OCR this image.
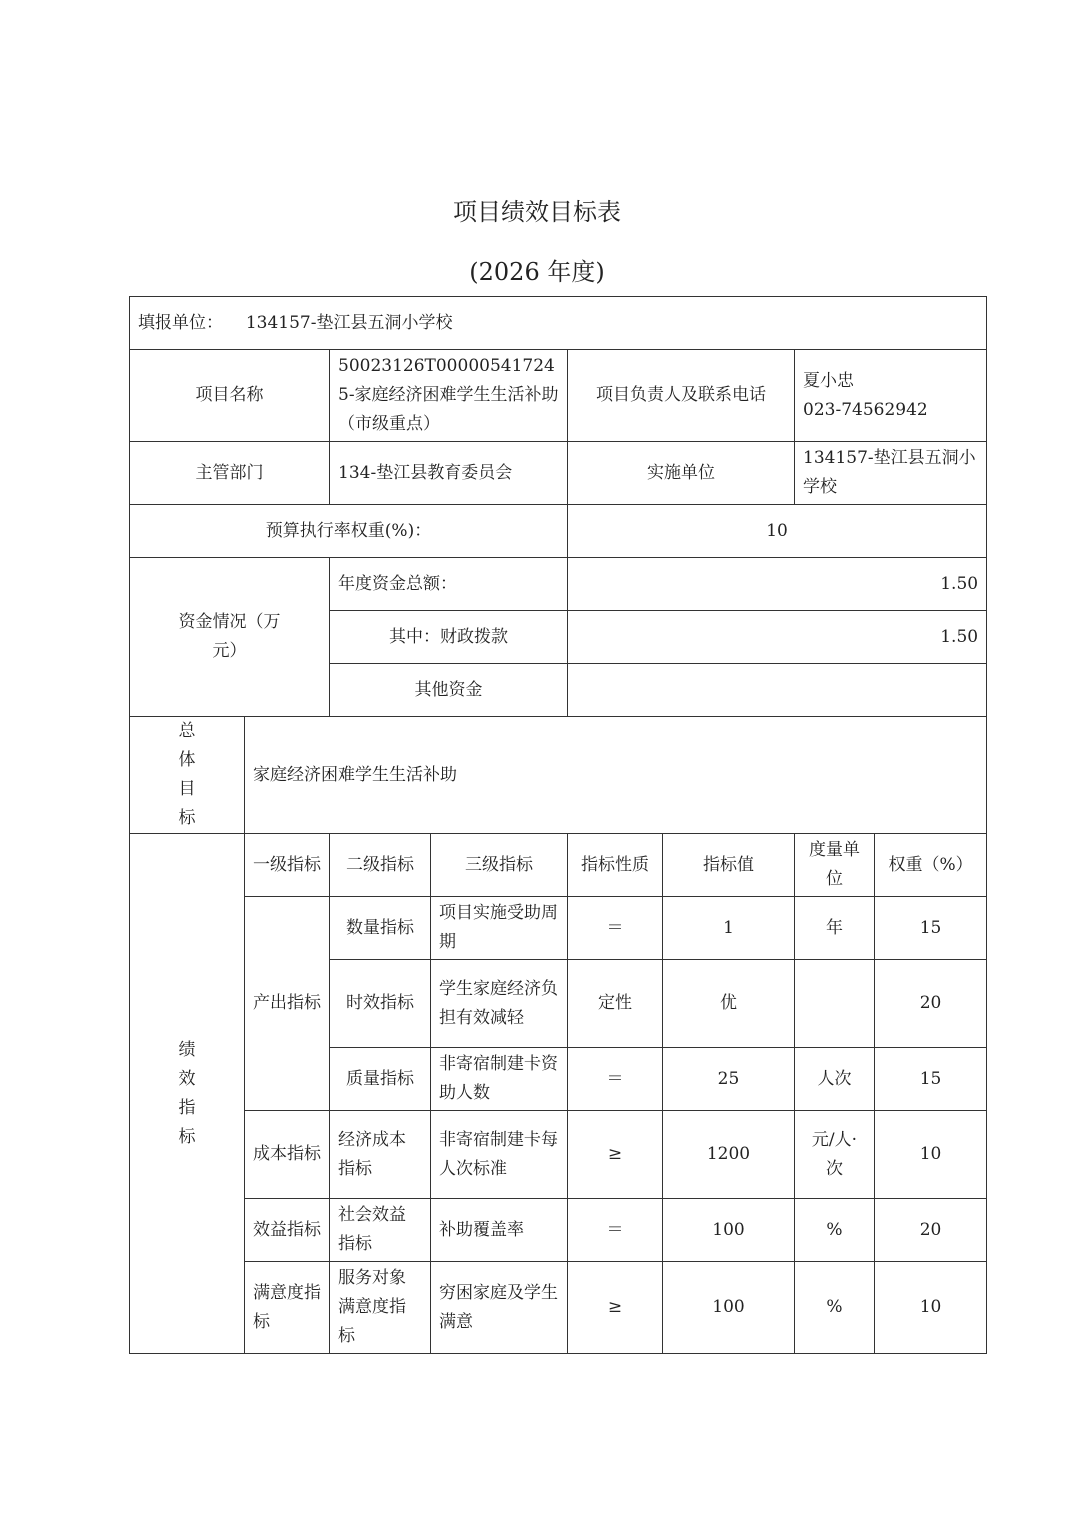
项目绩效目标表
(2026 年度)
填报单位： 134157-垫江县五洞小学校							
项目名称		50023126T000005417245-家庭经济困难学生生活补助（市级重点）		项目负责人及联系电话		夏小忠
023-74562942	

主管部门		134-垫江县教育委员会		实施单位		134157-垫江县五洞小学校	
预算执行率权重(%)：				10			
资金情况（万元）		年度资金总额：		1.50			
		其中：财政拨款		1.50			
		其他资金					
总体目标	家庭经济困难学生生活补助						
绩效指标	一级指标	二级指标	三级指标	指标性质	指标值	度量单位	权重（%）
	产出指标	数量指标	项目实施受助周期	＝	1	年	15
		时效指标	学生家庭经济负担有效减轻	定性	优		20
		质量指标	非寄宿制建卡资助人数	＝	25	人次	15
	成本指标	经济成本指标	非寄宿制建卡每人次标准	≥	1200	元/人·次	10
	效益指标	社会效益指标	补助覆盖率	＝	100	%	20
	满意度指标	服务对象满意度指标	穷困家庭及学生满意	≥	100	%	10
